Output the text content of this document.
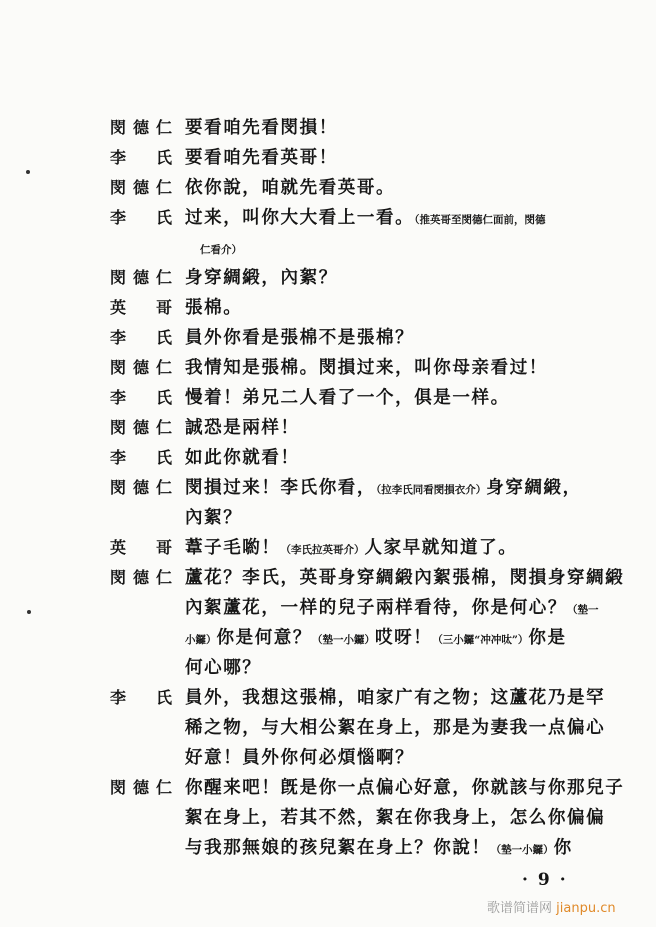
閔德仁 要看咱先看閔損！
李　氏 要看咱先看英哥！
閔德仁 依你說，咱就先看英哥。
李　氏 过来，叫你大大看上一看。（推英哥至閔德仁面前，閔德
仁看介）
閔德仁 身穿綢緞，內絮？
英　哥 張棉。
李　氏 員外你看是張棉不是張棉？
閔德仁 我情知是張棉。閔損过来，叫你母亲看过！
李　氏 慢着！弟兄二人看了一个，俱是一样。
閔德仁 誠恐是兩样！
李　氏 如此你就看！
閔德仁 閔損过来！李氏你看，（拉李氏同看閔損衣介）身穿綢緞，
內絮？
英　哥 葦子毛喲！（李氏拉英哥介）人家早就知道了。
閔德仁 蘆花？李氏，英哥身穿綢緞內絮張棉，閔損身穿綢緞
內絮蘆花，一样的兒子兩样看待，你是何心？（墊一
小鑼）你是何意？（墊一小鑼）哎呀！（三小鑼“冲冲呔”）你是
何心哪？
李　氏 員外，我想这張棉，咱家广有之物；这蘆花乃是罕
稀之物，与大相公絮在身上，那是为妻我一点偏心
好意！員外你何必煩惱啊？
閔德仁 你醒来吧！旣是你一点偏心好意，你就該与你那兒子
絮在身上，若其不然，絮在你我身上，怎么你偏偏
与我那無娘的孩兒絮在身上？你說！（墊一小鑼）你
·9·
歌谱简谱网 jianpu.cn
